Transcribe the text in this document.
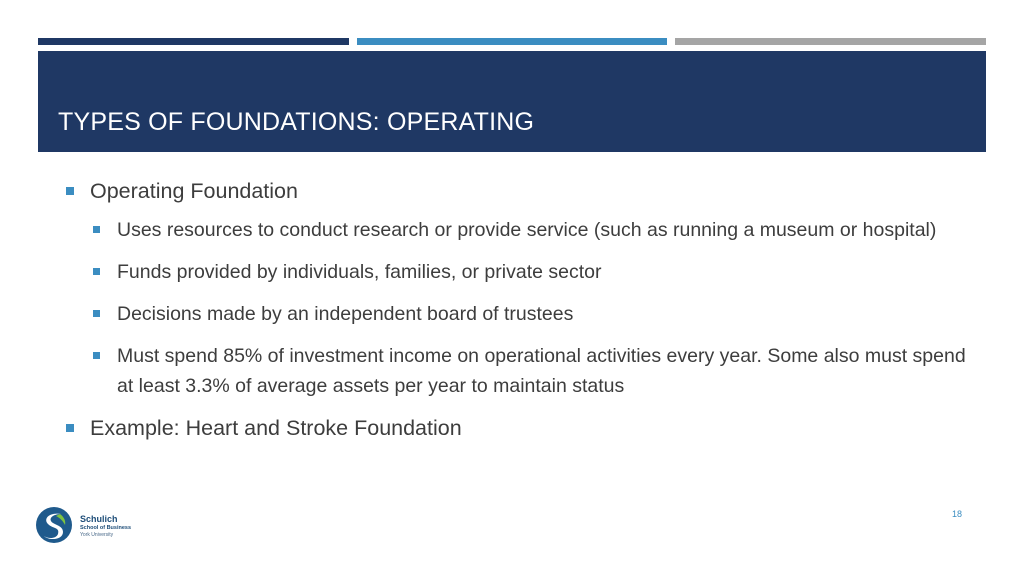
TYPES OF FOUNDATIONS: OPERATING
Operating Foundation
Uses resources to conduct research or provide service (such as running a museum or hospital)
Funds provided by individuals, families, or private sector
Decisions made by an independent board of trustees
Must spend 85% of investment income on operational activities every year. Some also must spend at least 3.3% of average assets per year to maintain status
Example: Heart and Stroke Foundation
Schulich
School of Business
York University
18
